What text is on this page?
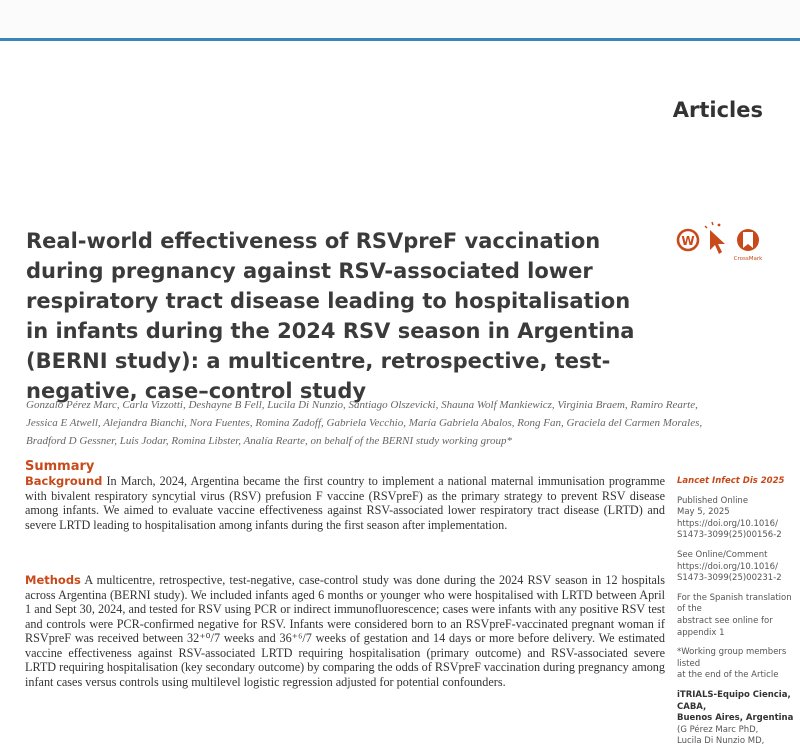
Articles
Real-world effectiveness of RSVpreF vaccination during pregnancy against RSV-associated lower respiratory tract disease leading to hospitalisation in infants during the 2024 RSV season in Argentina (BERNI study): a multicentre, retrospective, test-negative, case–control study
W
CrossMark
Gonzalo Pérez Marc, Carla Vizzotti, Deshayne B Fell, Lucila Di Nunzio, Santiago Olszevicki, Shauna Wolf Mankiewicz, Virginia Braem, Ramiro Rearte, Jessica E Atwell, Alejandra Bianchi, Nora Fuentes, Romina Zadoff, Gabriela Vecchio, María Gabriela Abalos, Rong Fan, Graciela del Carmen Morales, Bradford D Gessner, Luis Jodar, Romina Libster, Analía Rearte, on behalf of the BERNI study working group*
Summary
Background In March, 2024, Argentina became the first country to implement a national maternal immunisation programme with bivalent respiratory syncytial virus (RSV) prefusion F vaccine (RSVpreF) as the primary strategy to prevent RSV disease among infants. We aimed to evaluate vaccine effectiveness against RSV-associated lower respiratory tract disease (LRTD) and severe LRTD leading to hospitalisation among infants during the first season after implementation.
Methods A multicentre, retrospective, test-negative, case-control study was done during the 2024 RSV season in 12 hospitals across Argentina (BERNI study). We included infants aged 6 months or younger who were hospitalised with LRTD between April 1 and Sept 30, 2024, and tested for RSV using PCR or indirect immunofluorescence; cases were infants with any positive RSV test and controls were PCR-confirmed negative for RSV. Infants were considered born to an RSVpreF-vaccinated pregnant woman if RSVpreF was received between 32⁺⁰/7 weeks and 36⁺⁶/7 weeks of gestation and 14 days or more before delivery. We estimated vaccine effectiveness against RSV-associated LRTD requiring hospitalisation (primary outcome) and RSV-associated severe LRTD requiring hospitalisation (key secondary outcome) by comparing the odds of RSVpreF vaccination during pregnancy among infant cases versus controls using multilevel logistic regression adjusted for potential confounders.
Lancet Infect Dis 2025
Published Online
May 5, 2025
https://doi.org/10.1016/
S1473-3099(25)00156-2
See Online/Comment
https://doi.org/10.1016/
S1473-3099(25)00231-2
For the Spanish translation of the
abstract see online for
appendix 1
*Working group members listed
at the end of the Article
iTRIALS-Equipo Ciencia, CABA,
Buenos Aires, Argentina
(G Pérez Marc PhD,
Lucila Di Nunzio MD,
